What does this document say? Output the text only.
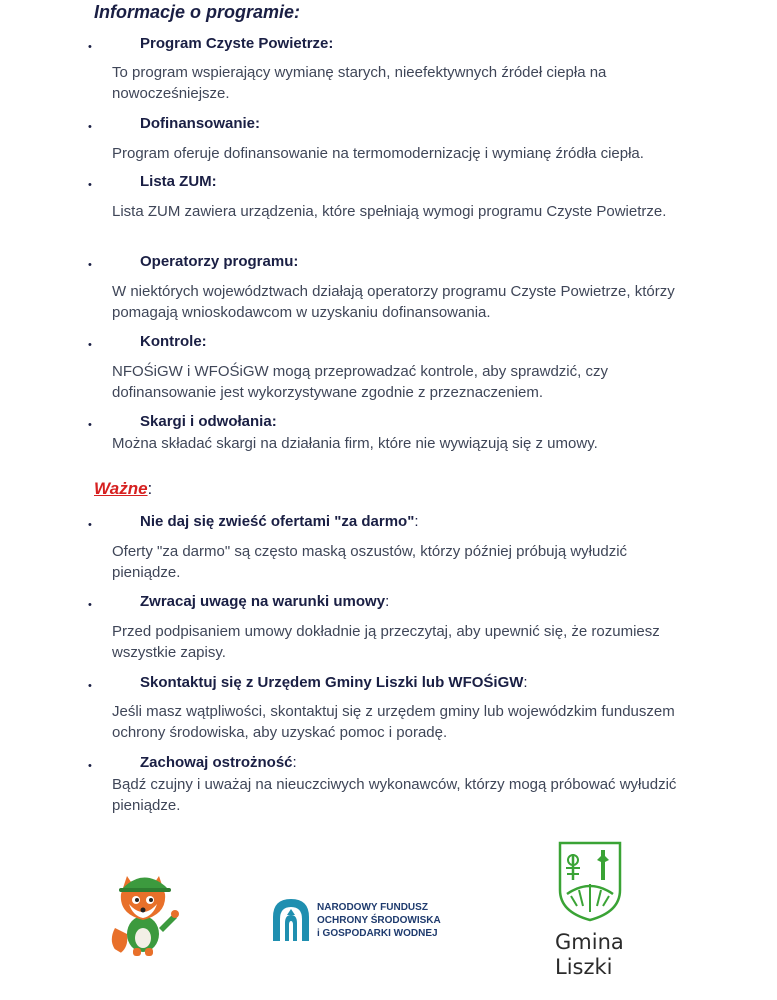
Informacje o programie:
•	Program Czyste Powietrze:
To program wspierający wymianę starych, nieefektywnych źródeł ciepła na nowocześniejsze.
•	Dofinansowanie:
Program oferuje dofinansowanie na termomodernizację i wymianę źródła ciepła.
•	Lista ZUM:
Lista ZUM zawiera urządzenia, które spełniają wymogi programu Czyste Powietrze.
•	Operatorzy programu:
W niektórych województwach działają operatorzy programu Czyste Powietrze, którzy pomagają wnioskodawcom w uzyskaniu dofinansowania.
•	Kontrole:
NFOŚiGW i WFOŚiGW mogą przeprowadzać kontrole, aby sprawdzić, czy dofinansowanie jest wykorzystywane zgodnie z przeznaczeniem.
•	Skargi i odwołania:
Można składać skargi na działania firm, które nie wywiązują się z umowy.
Ważne:
•	Nie daj się zwieść ofertami "za darmo":
Oferty "za darmo" są często maską oszustów, którzy później próbują wyłudzić pieniądze.
•	Zwracaj uwagę na warunki umowy:
Przed podpisaniem umowy dokładnie ją przeczytaj, aby upewnić się, że rozumiesz wszystkie zapisy.
•	Skontaktuj się z Urzędem Gminy Liszki lub WFOŚiGW:
Jeśli masz wątpliwości, skontaktuj się z urzędem gminy lub wojewódzkim funduszem ochrony środowiska, aby uzyskać pomoc i poradę.
•	Zachowaj ostrożność:
Bądź czujny i uważaj na nieuczciwych wykonawców, którzy mogą próbować wyłudzić pieniądze.
NARODOWY FUNDUSZ
OCHRONY ŚRODOWISKA
i GOSPODARKI WODNEJ	Gmina
Liszki
